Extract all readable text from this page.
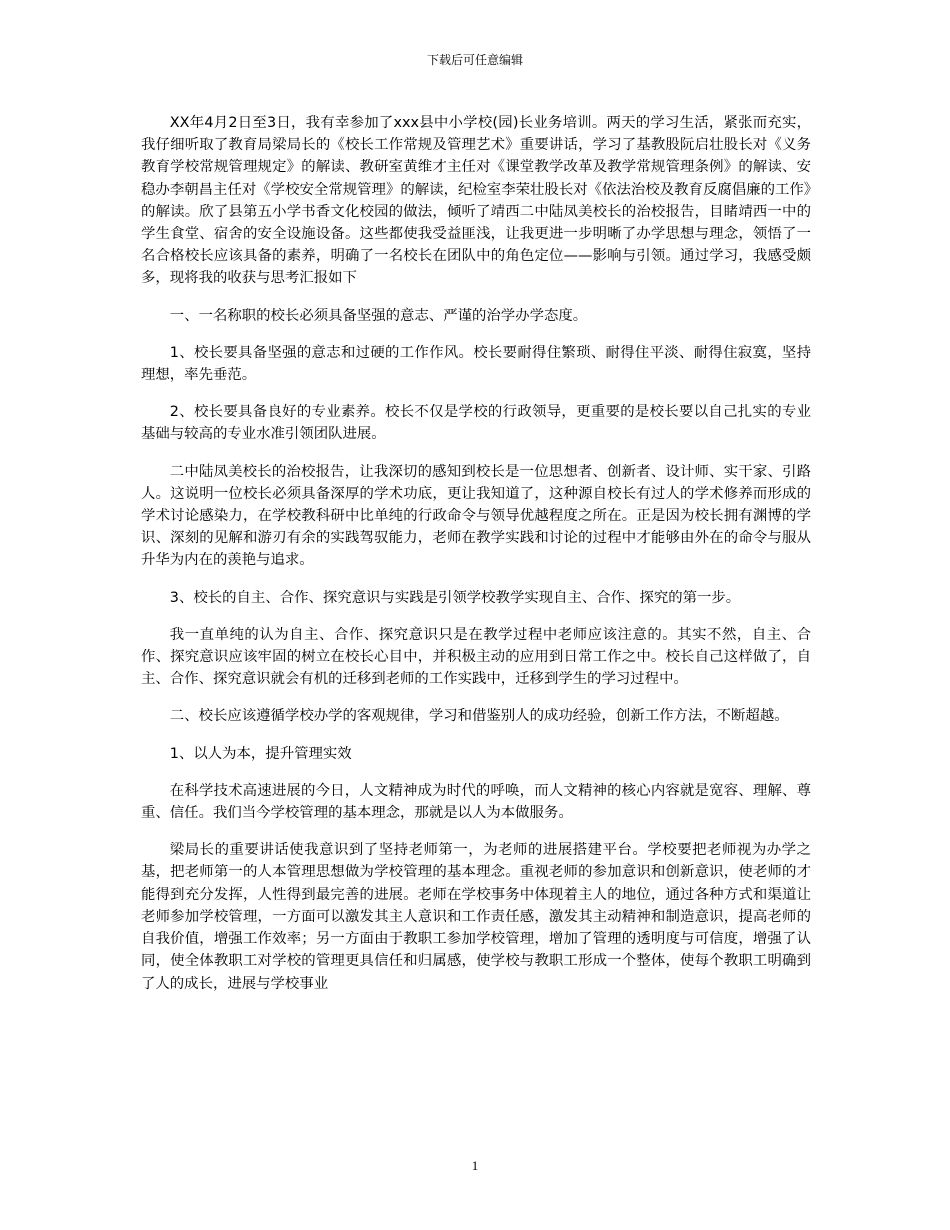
下载后可任意编辑

XX年4月2日至3日，我有幸参加了xxx县中小学校(园)长业务培训。两天的学习生活，紧张而充实，我仔细听取了教育局梁局长的《校长工作常规及管理艺术》重要讲话，学习了基教股阮启壮股长对《义务教育学校常规管理规定》的解读、教研室黄维才主任对《课堂教学改革及教学常规管理条例》的解读、安稳办李朝昌主任对《学校安全常规管理》的解读，纪检室李荣壮股长对《依法治校及教育反腐倡廉的工作》的解读。欣了县第五小学书香文化校园的做法，倾听了靖西二中陆凤美校长的治校报告，目睹靖西一中的学生食堂、宿舍的安全设施设备。这些都使我受益匪浅，让我更进一步明晰了办学思想与理念，领悟了一名合格校长应该具备的素养，明确了一名校长在团队中的角色定位——影响与引领。通过学习，我感受颇多，现将我的收获与思考汇报如下

一、一名称职的校长必须具备坚强的意志、严谨的治学办学态度。

1、校长要具备坚强的意志和过硬的工作作风。校长要耐得住繁琐、耐得住平淡、耐得住寂寞，坚持理想，率先垂范。

2、校长要具备良好的专业素养。校长不仅是学校的行政领导，更重要的是校长要以自己扎实的专业基础与较高的专业水准引领团队进展。

二中陆凤美校长的治校报告，让我深切的感知到校长是一位思想者、创新者、设计师、实干家、引路人。这说明一位校长必须具备深厚的学术功底，更让我知道了，这种源自校长有过人的学术修养而形成的学术讨论感染力，在学校教科研中比单纯的行政命令与领导优越程度之所在。正是因为校长拥有渊博的学识、深刻的见解和游刃有余的实践驾驭能力，老师在教学实践和讨论的过程中才能够由外在的命令与服从升华为内在的羡艳与追求。

3、校长的自主、合作、探究意识与实践是引领学校教学实现自主、合作、探究的第一步。

我一直单纯的认为自主、合作、探究意识只是在教学过程中老师应该注意的。其实不然，自主、合作、探究意识应该牢固的树立在校长心目中，并积极主动的应用到日常工作之中。校长自己这样做了，自主、合作、探究意识就会有机的迁移到老师的工作实践中，迁移到学生的学习过程中。

二、校长应该遵循学校办学的客观规律，学习和借鉴别人的成功经验，创新工作方法，不断超越。

1、以人为本，提升管理实效

在科学技术高速进展的今日，人文精神成为时代的呼唤，而人文精神的核心内容就是宽容、理解、尊重、信任。我们当今学校管理的基本理念，那就是以人为本做服务。

梁局长的重要讲话使我意识到了坚持老师第一，为老师的进展搭建平台。学校要把老师视为办学之基，把老师第一的人本管理思想做为学校管理的基本理念。重视老师的参加意识和创新意识，使老师的才能得到充分发挥，人性得到最完善的进展。老师在学校事务中体现着主人的地位，通过各种方式和渠道让老师参加学校管理，一方面可以激发其主人意识和工作责任感，激发其主动精神和制造意识，提高老师的自我价值，增强工作效率；另一方面由于教职工参加学校管理，增加了管理的透明度与可信度，增强了认同，使全体教职工对学校的管理更具信任和归属感，使学校与教职工形成一个整体，使每个教职工明确到了人的成长，进展与学校事业

1
